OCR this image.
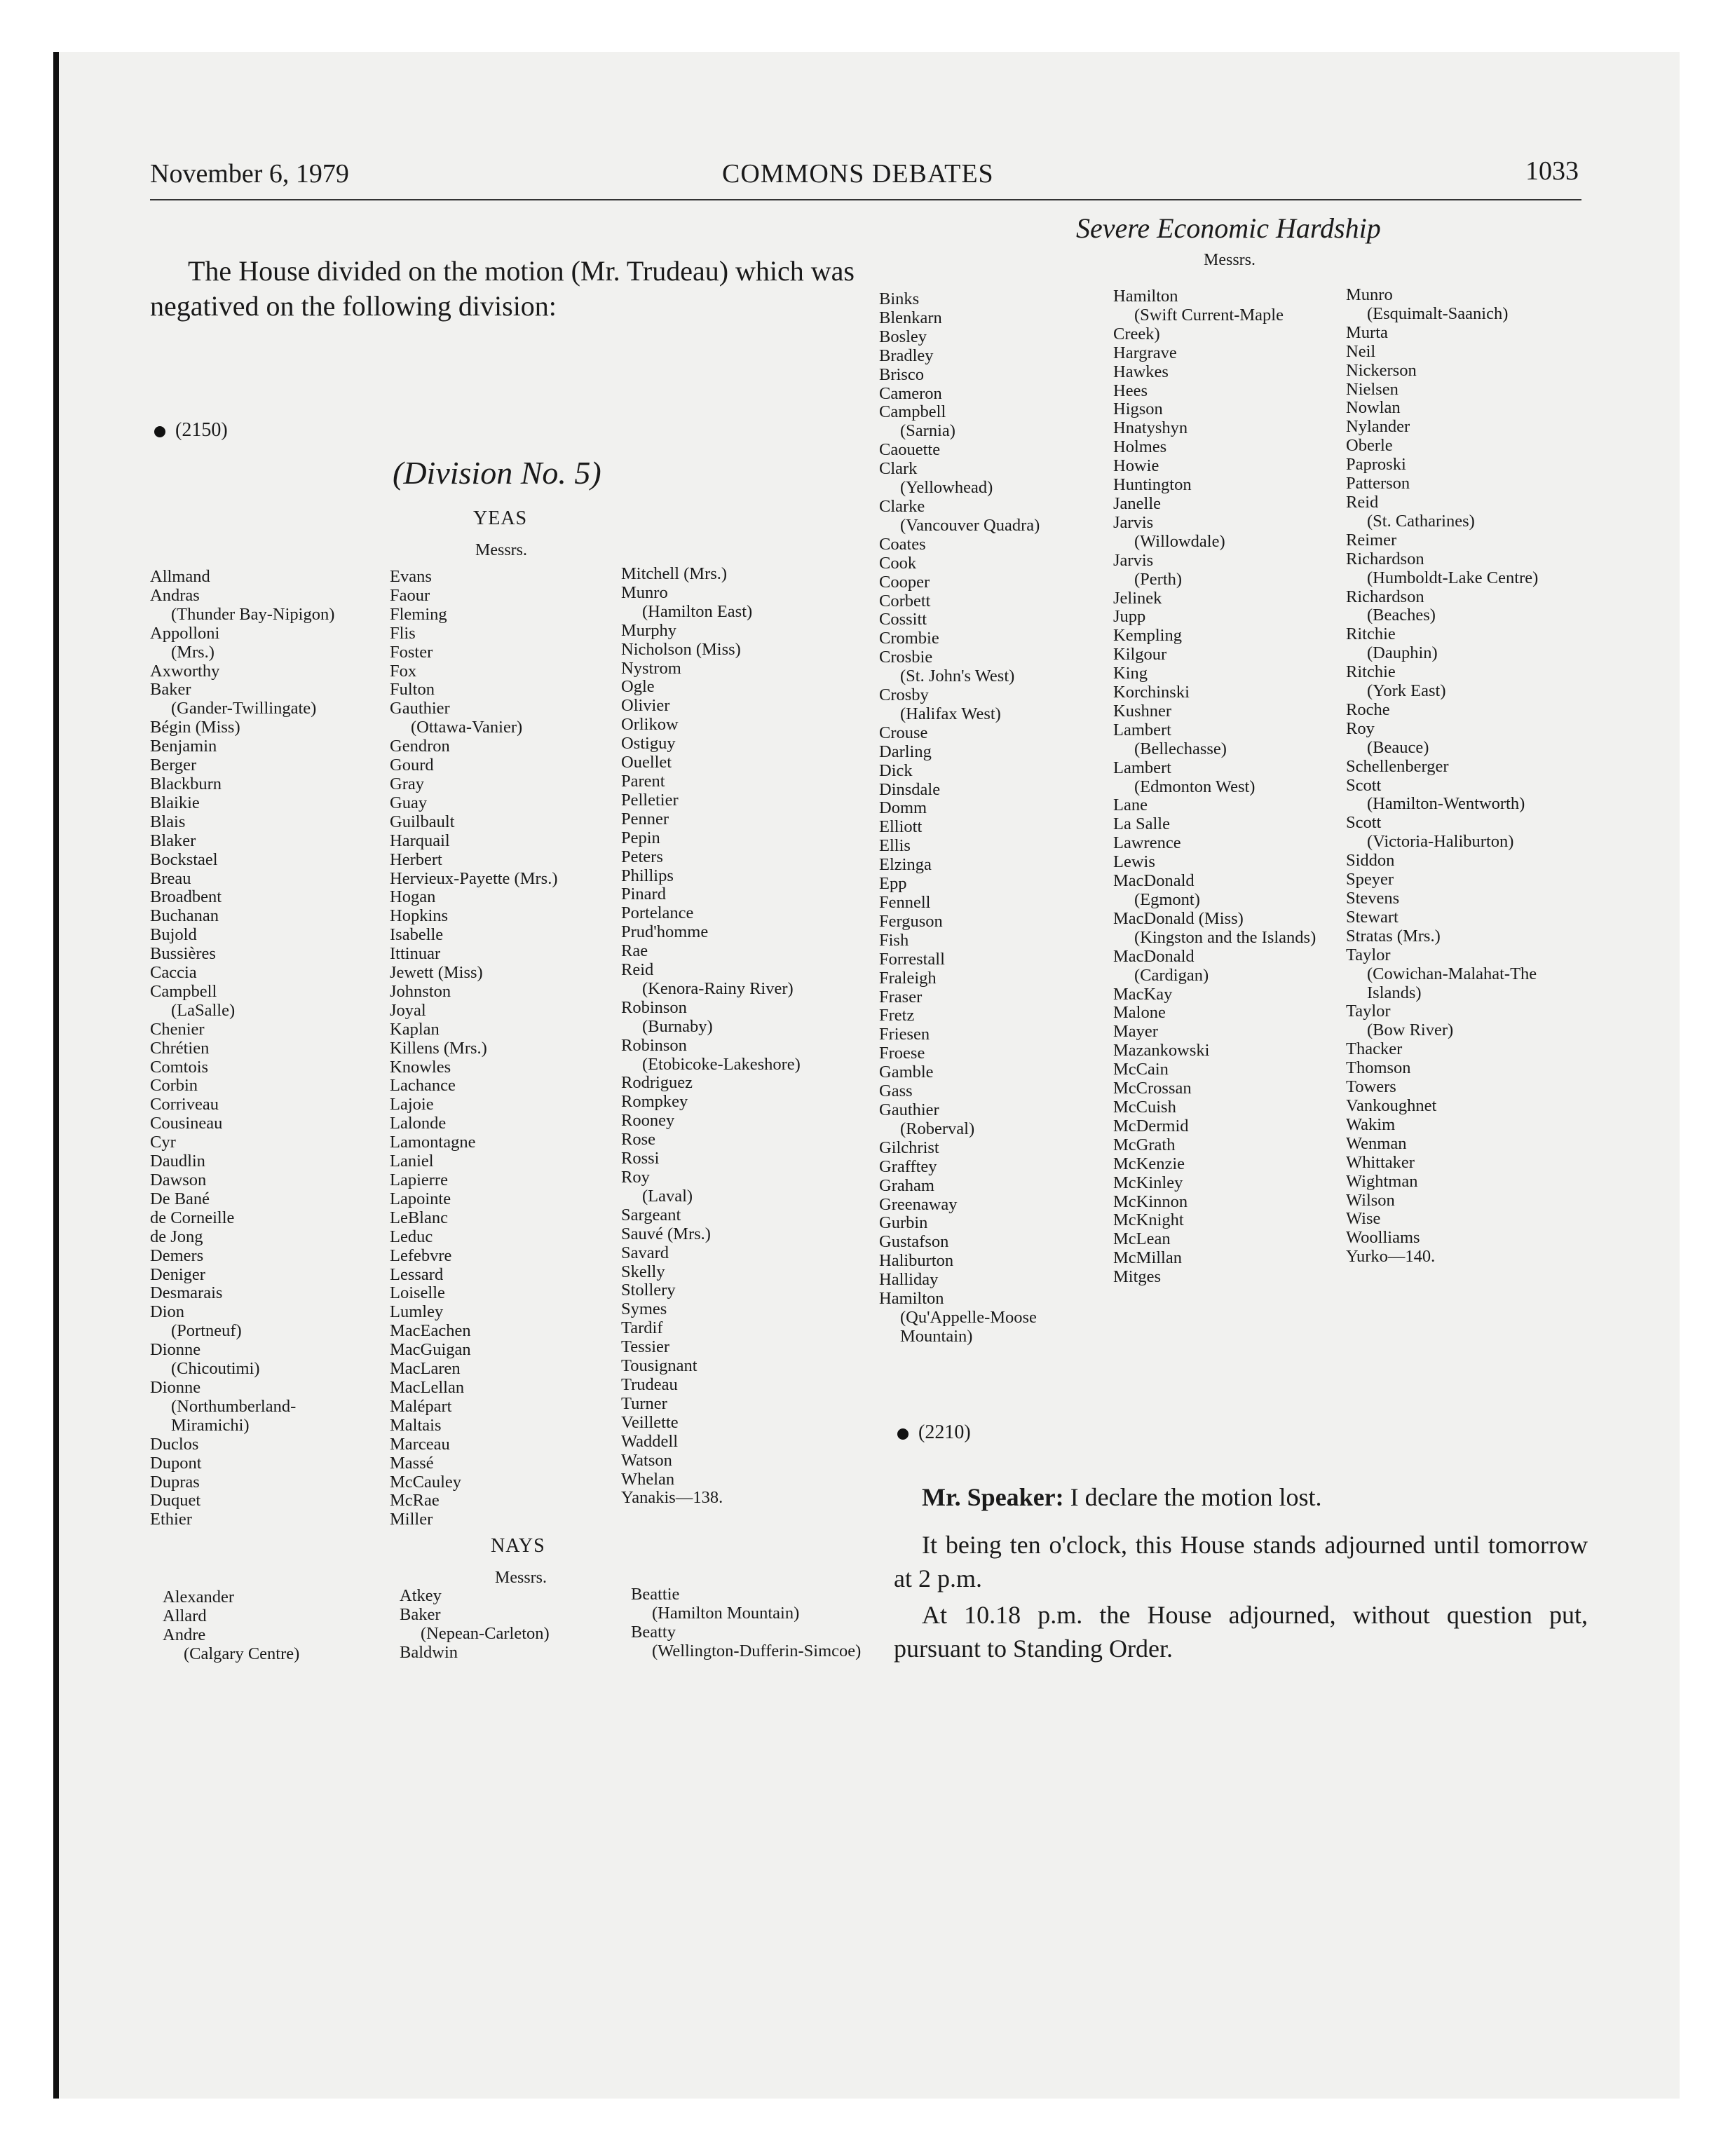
November 6, 1979	COMMONS DEBATES	1033
The House divided on the motion (Mr. Trudeau) which was negatived on the following division:
(2150)
(Division No. 5)
YEAS
Messrs.
Allmand
Andras
(Thunder Bay-Nipigon)
Appolloni
(Mrs.)
Axworthy
Baker
(Gander-Twillingate)
Bégin (Miss)
Benjamin
Berger
Blackburn
Blaikie
Blais
Blaker
Bockstael
Breau
Broadbent
Buchanan
Bujold
Bussières
Caccia
Campbell
(LaSalle)
Chenier
Chrétien
Comtois
Corbin
Corriveau
Cousineau
Cyr
Daudlin
Dawson
De Bané
de Corneille
de Jong
Demers
Deniger
Desmarais
Dion
(Portneuf)
Dionne
(Chicoutimi)
Dionne
(Northumberland-
Miramichi)
Duclos
Dupont
Dupras
Duquet
Ethier
Evans
Faour
Fleming
Flis
Foster
Fox
Fulton
Gauthier
(Ottawa-Vanier)
Gendron
Gourd
Gray
Guay
Guilbault
Harquail
Herbert
Hervieux-Payette (Mrs.)
Hogan
Hopkins
Isabelle
Ittinuar
Jewett (Miss)
Johnston
Joyal
Kaplan
Killens (Mrs.)
Knowles
Lachance
Lajoie
Lalonde
Lamontagne
Laniel
Lapierre
Lapointe
LeBlanc
Leduc
Lefebvre
Lessard
Loiselle
Lumley
MacEachen
MacGuigan
MacLaren
MacLellan
Malépart
Maltais
Marceau
Massé
McCauley
McRae
Miller
Mitchell (Mrs.)
Munro
(Hamilton East)
Murphy
Nicholson (Miss)
Nystrom
Ogle
Olivier
Orlikow
Ostiguy
Ouellet
Parent
Pelletier
Penner
Pepin
Peters
Phillips
Pinard
Portelance
Prud'homme
Rae
Reid
(Kenora-Rainy River)
Robinson
(Burnaby)
Robinson
(Etobicoke-Lakeshore)
Rodriguez
Rompkey
Rooney
Rose
Rossi
Roy
(Laval)
Sargeant
Sauvé (Mrs.)
Savard
Skelly
Stollery
Symes
Tardif
Tessier
Tousignant
Trudeau
Turner
Veillette
Waddell
Watson
Whelan
Yanakis—138.
NAYS
Messrs.
Alexander
Allard
Andre
(Calgary Centre)
Atkey
Baker
(Nepean-Carleton)
Baldwin
Beattie
(Hamilton Mountain)
Beatty
(Wellington-Dufferin-Simcoe)
Severe Economic Hardship
Messrs.
Binks
Blenkarn
Bosley
Bradley
Brisco
Cameron
Campbell
(Sarnia)
Caouette
Clark
(Yellowhead)
Clarke
(Vancouver Quadra)
Coates
Cook
Cooper
Corbett
Cossitt
Crombie
Crosbie
(St. John's West)
Crosby
(Halifax West)
Crouse
Darling
Dick
Dinsdale
Domm
Elliott
Ellis
Elzinga
Epp
Fennell
Ferguson
Fish
Forrestall
Fraleigh
Fraser
Fretz
Friesen
Froese
Gamble
Gass
Gauthier
(Roberval)
Gilchrist
Grafftey
Graham
Greenaway
Gurbin
Gustafson
Haliburton
Halliday
Hamilton
(Qu'Appelle-Moose
Mountain)
Hamilton
(Swift Current-Maple
Creek)
Hargrave
Hawkes
Hees
Higson
Hnatyshyn
Holmes
Howie
Huntington
Janelle
Jarvis
(Willowdale)
Jarvis
(Perth)
Jelinek
Jupp
Kempling
Kilgour
King
Korchinski
Kushner
Lambert
(Bellechasse)
Lambert
(Edmonton West)
Lane
La Salle
Lawrence
Lewis
MacDonald
(Egmont)
MacDonald (Miss)
(Kingston and the Islands)
MacDonald
(Cardigan)
MacKay
Malone
Mayer
Mazankowski
McCain
McCrossan
McCuish
McDermid
McGrath
McKenzie
McKinley
McKinnon
McKnight
McLean
McMillan
Mitges
Munro
(Esquimalt-Saanich)
Murta
Neil
Nickerson
Nielsen
Nowlan
Nylander
Oberle
Paproski
Patterson
Reid
(St. Catharines)
Reimer
Richardson
(Humboldt-Lake Centre)
Richardson
(Beaches)
Ritchie
(Dauphin)
Ritchie
(York East)
Roche
Roy
(Beauce)
Schellenberger
Scott
(Hamilton-Wentworth)
Scott
(Victoria-Haliburton)
Siddon
Speyer
Stevens
Stewart
Stratas (Mrs.)
Taylor
(Cowichan-Malahat-The
Islands)
Taylor
(Bow River)
Thacker
Thomson
Towers
Vankoughnet
Wakim
Wenman
Whittaker
Wightman
Wilson
Wise
Woolliams
Yurko—140.
(2210)
Mr. Speaker: I declare the motion lost.
It being ten o'clock, this House stands adjourned until tomorrow at 2 p.m.
At 10.18 p.m. the House adjourned, without question put, pursuant to Standing Order.
